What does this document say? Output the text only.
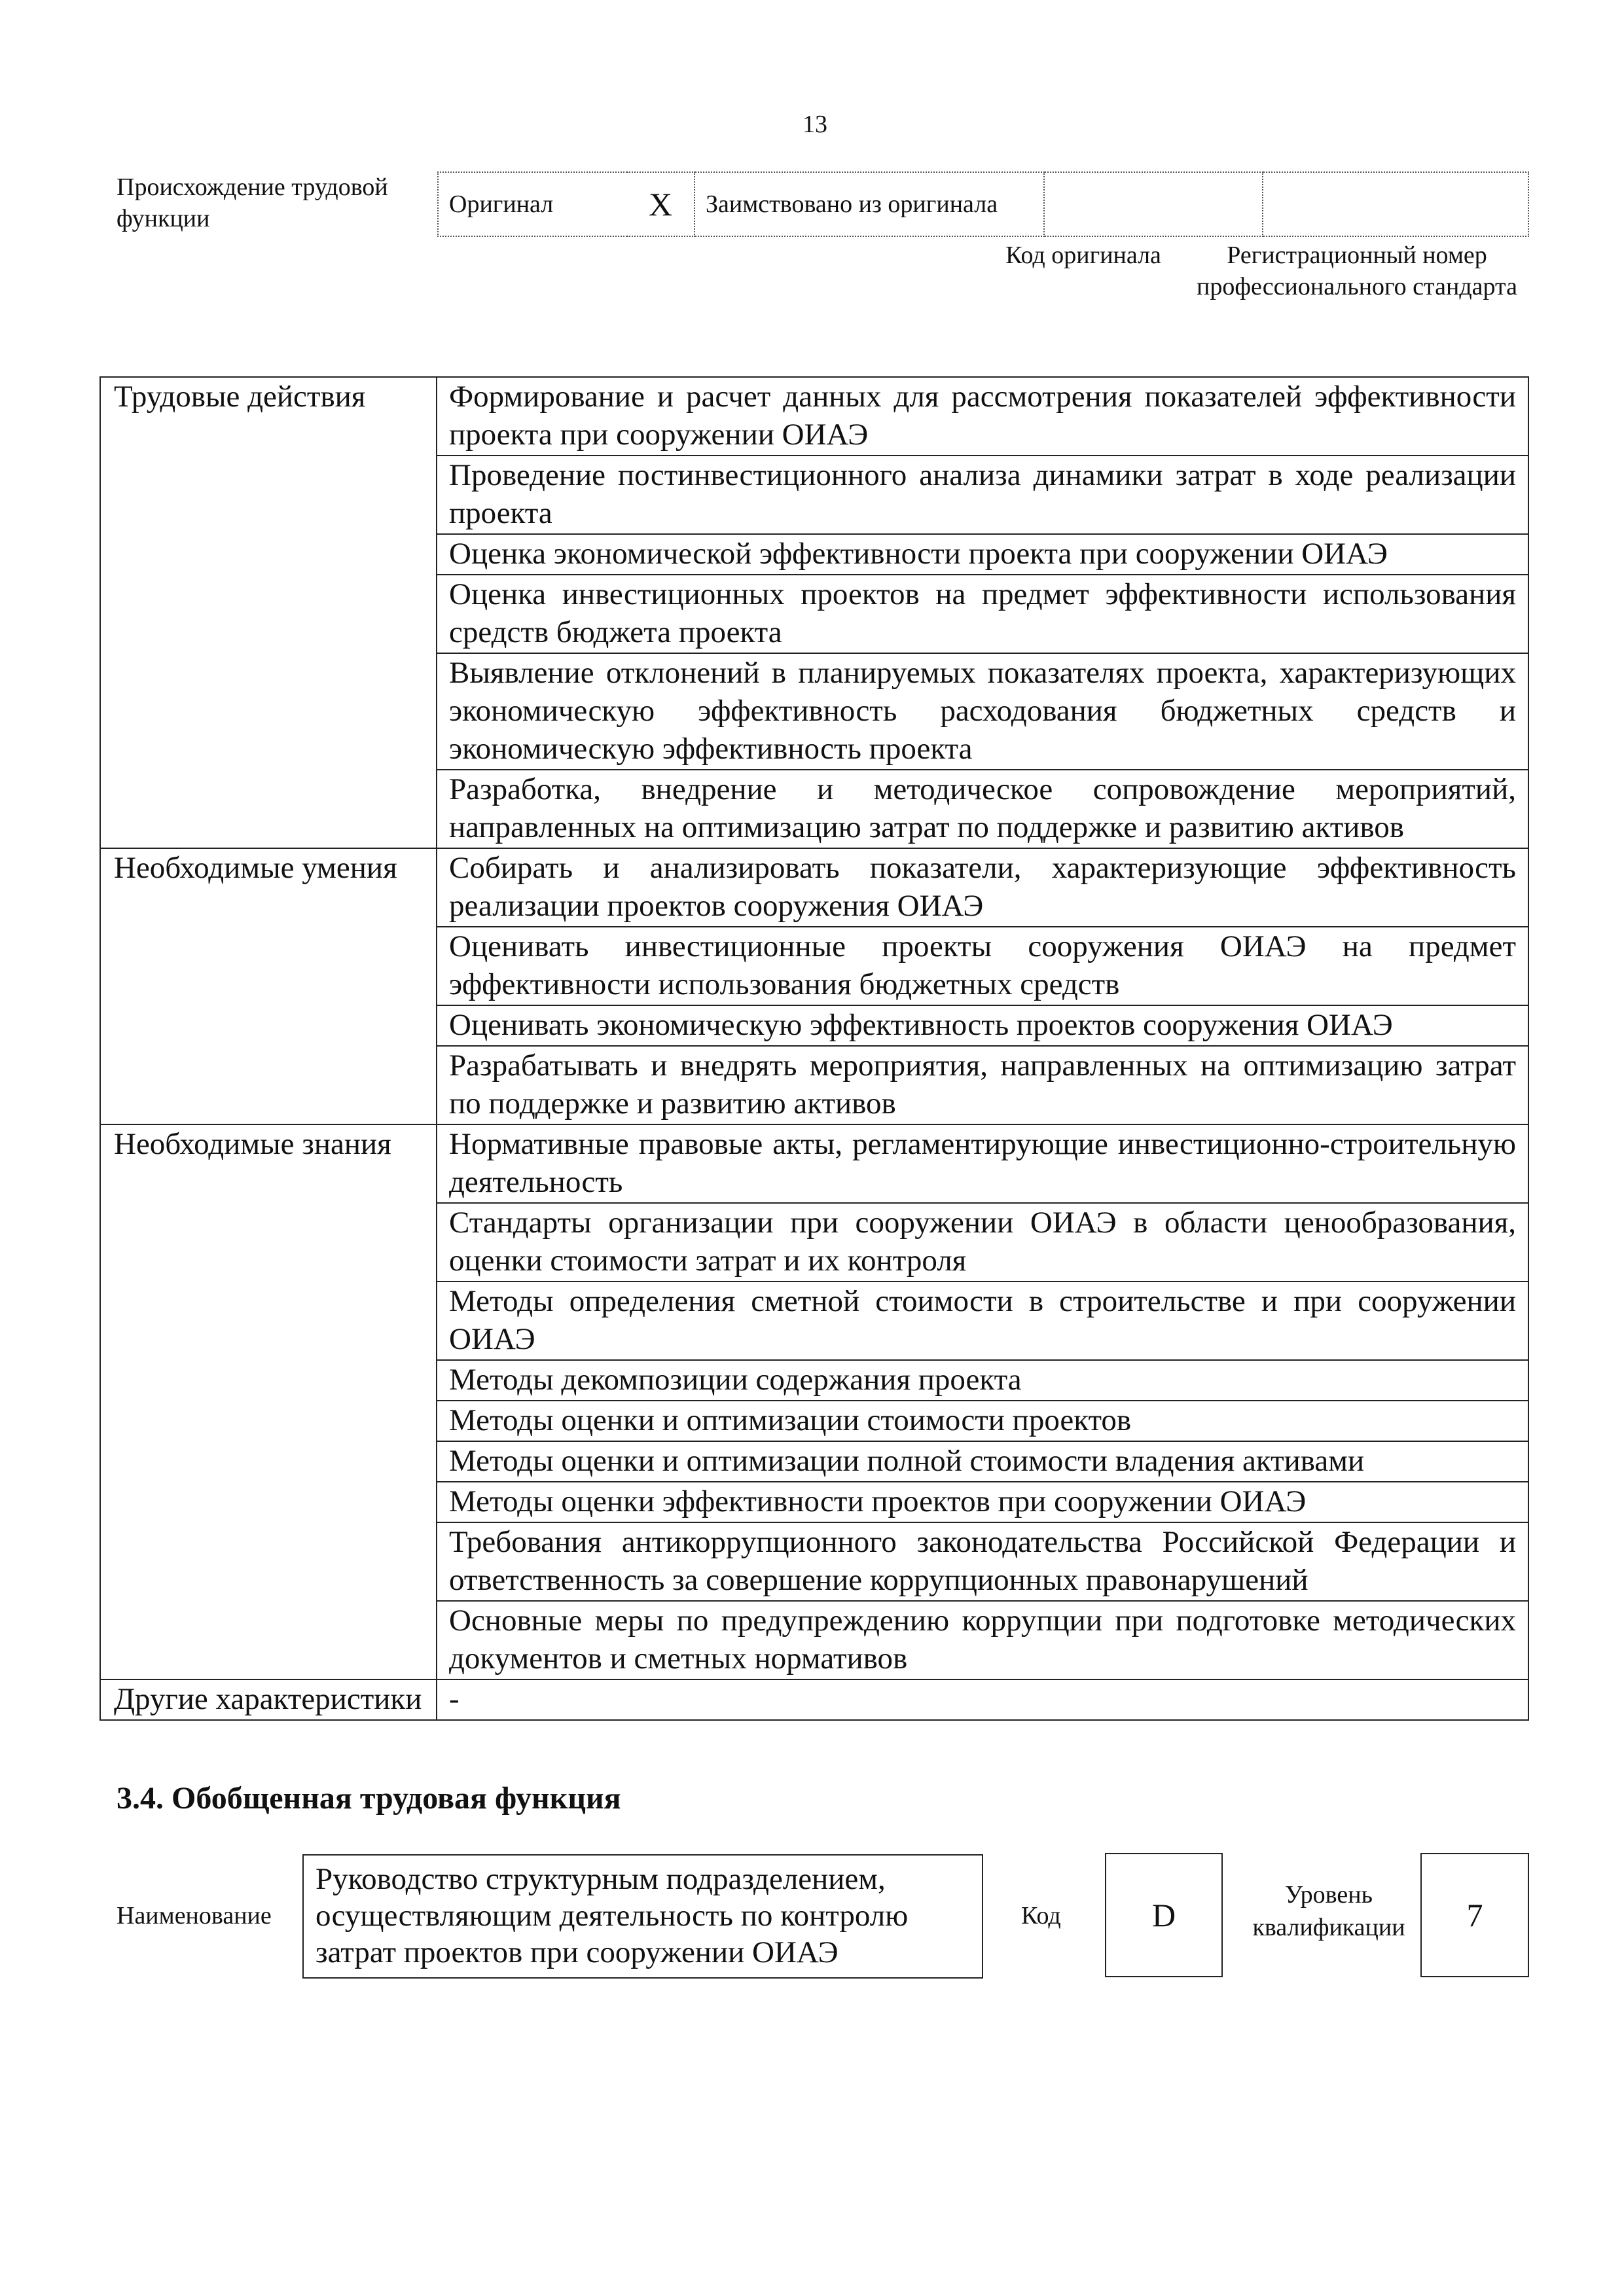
13
Происхождение трудовой функции
Оригинал	X	Заимствовано из оригинала		
Код оригинала	Регистрационный номер профессионального стандарта
Трудовые действия	Формирование и расчет данных для рассмотрения показателей эффективности проекта при сооружении ОИАЭ
	Проведение постинвестиционного анализа динамики затрат в ходе реализации проекта
	Оценка экономической эффективности проекта при сооружении ОИАЭ
	Оценка инвестиционных проектов на предмет эффективности использования средств бюджета проекта
	Выявление отклонений в планируемых показателях проекта, характеризующих экономическую эффективность расходования бюджетных средств и экономическую эффективность проекта
	Разработка, внедрение и методическое сопровождение мероприятий, направленных на оптимизацию затрат по поддержке и развитию активов
Необходимые умения	Собирать и анализировать показатели, характеризующие эффективность реализации проектов сооружения ОИАЭ
	Оценивать инвестиционные проекты сооружения ОИАЭ на предмет эффективности использования бюджетных средств
	Оценивать экономическую эффективность проектов сооружения ОИАЭ
	Разрабатывать и внедрять мероприятия, направленных на оптимизацию затрат по поддержке и развитию активов
Необходимые знания	Нормативные правовые акты, регламентирующие инвестиционно-строительную деятельность
	Стандарты организации при сооружении ОИАЭ в области ценообразования, оценки стоимости затрат и их контроля
	Методы определения сметной стоимости в строительстве и при сооружении ОИАЭ
	Методы декомпозиции содержания проекта
	Методы оценки и оптимизации стоимости проектов
	Методы оценки и оптимизации полной стоимости владения активами
	Методы оценки эффективности проектов при сооружении ОИАЭ
	Требования антикоррупционного законодательства Российской Федерации и ответственность за совершение коррупционных правонарушений
	Основные меры по предупреждению коррупции при подготовке методических документов и сметных нормативов
Другие характеристики	-
3.4. Обобщенная трудовая функция
Наименование
Руководство структурным подразделением, осуществляющим деятельность по контролю затрат проектов при сооружении ОИАЭ
Код	D
Уровень квалификации	7
